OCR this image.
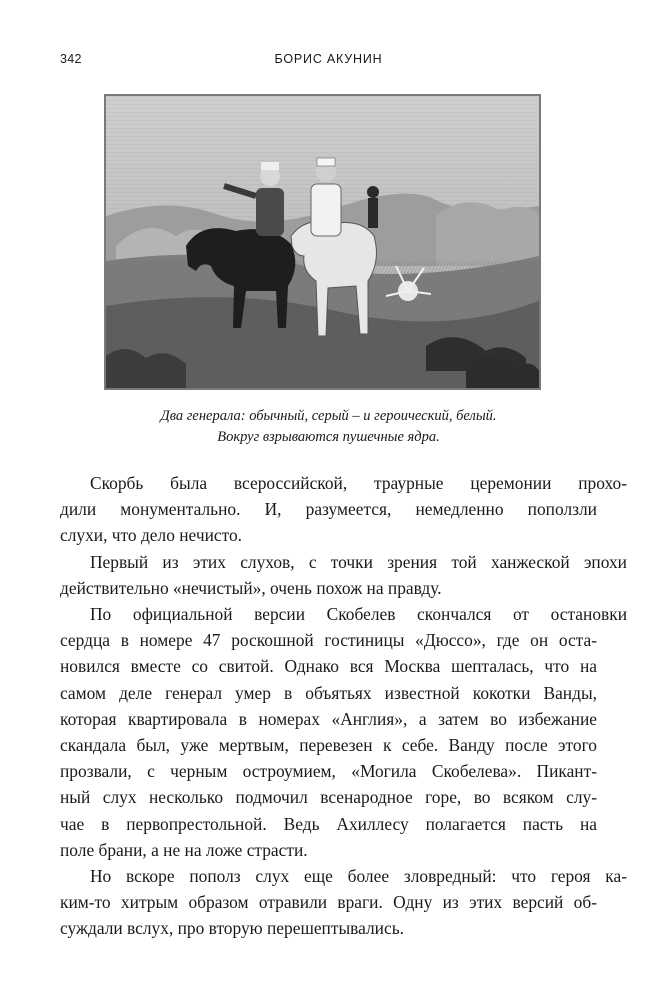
342	БОРИС АКУНИН
Два генерала: обычный, серый – и героический, белый.
Вокруг взрываются пушечные ядра.
Скорбь была всероссийской, траурные церемонии прохо-
дили монументально. И, разумеется, немедленно поползли
слухи, что дело нечисто.
Первый из этих слухов, с точки зрения той ханжеской эпохи
действительно «нечистый», очень похож на правду.
По официальной версии Скобелев скончался от остановки
сердца в номере 47 роскошной гостиницы «Дюссо», где он оста-
новился вместе со свитой. Однако вся Москва шепталась, что на
самом деле генерал умер в объятьях известной кокотки Ванды,
которая квартировала в номерах «Англия», а затем во избежание
скандала был, уже мертвым, перевезен к себе. Ванду после этого
прозвали, с черным остроумием, «Могила Скобелева». Пикант-
ный слух несколько подмочил всенародное горе, во всяком слу-
чае в первопрестольной. Ведь Ахиллесу полагается пасть на
поле брани, а не на ложе страсти.
Но вскоре пополз слух еще более зловредный: что героя ка-
ким-то хитрым образом отравили враги. Одну из этих версий об-
суждали вслух, про вторую перешептывались.
